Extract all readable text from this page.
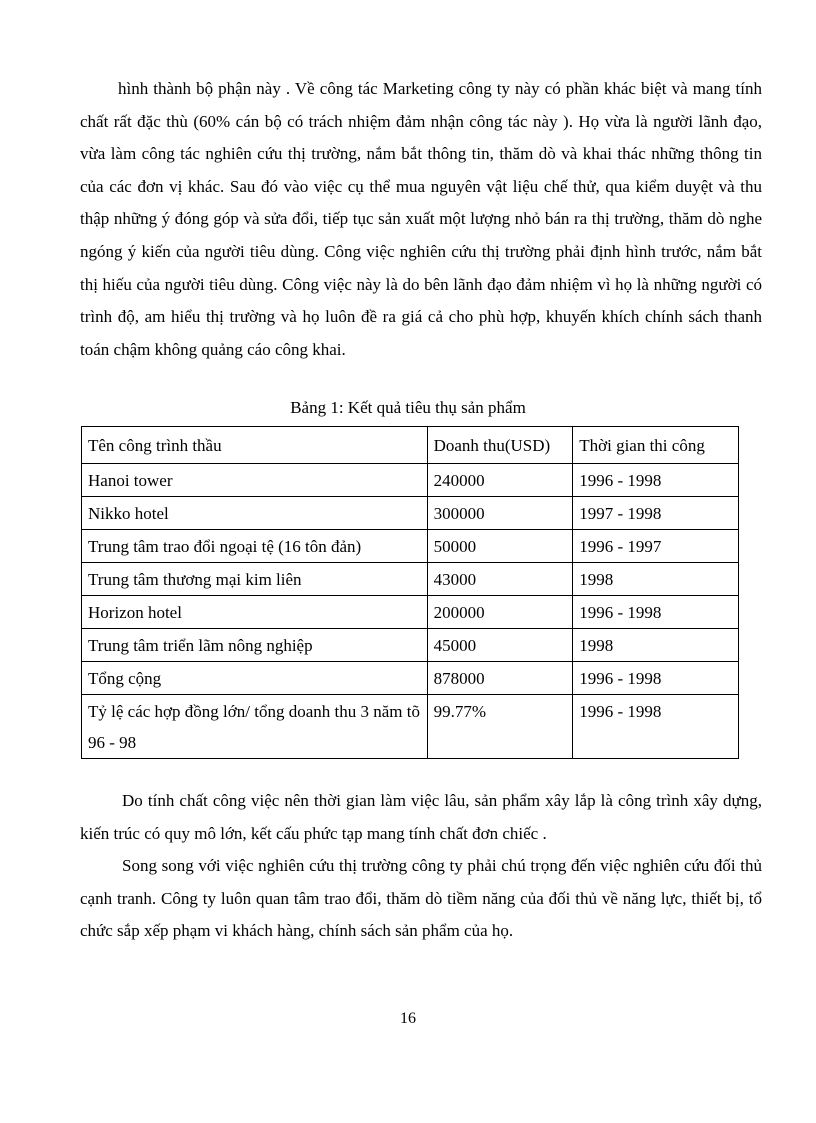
hình thành bộ phận này . Về công tác Marketing công ty này có phần khác biệt và mang tính chất rất đặc thù (60% cán bộ có trách nhiệm đảm nhận công tác này ). Họ vừa là người lãnh đạo, vừa làm công tác nghiên cứu thị trường, nắm bắt thông tin, thăm dò và khai thác những thông tin của các đơn vị khác. Sau đó vào việc cụ thể mua nguyên vật liệu chế thử, qua kiểm duyệt và thu thập những ý đóng góp và sửa đổi, tiếp tục sản xuất một lượng nhỏ bán ra thị trường, thăm dò nghe ngóng ý kiến của người tiêu dùng. Công việc nghiên cứu thị trường phải định hình trước, nắm bắt thị hiếu của người tiêu dùng. Công việc này là do bên lãnh đạo đảm nhiệm vì họ là những người có trình độ, am hiểu thị trường và họ luôn đề ra giá cả cho phù hợp, khuyến khích chính sách thanh toán chậm không quảng cáo công khai.

Bảng 1: Kết quả tiêu thụ sản phẩm

Tên công trình thầu	Doanh thu(USD)	Thời gian thi công
Hanoi tower	240000	1996 - 1998
Nikko hotel	300000	1997 - 1998
Trung tâm trao đổi ngoại tệ (16 tôn đản)	50000	1996 - 1997
Trung tâm thương mại kim liên	43000	1998
Horizon hotel	200000	1996 - 1998
Trung tâm triển lãm nông nghiệp	45000	1998
Tổng cộng	878000	1996 - 1998
Tỷ lệ các hợp đồng lớn/ tổng doanh thu 3 năm tõ 96 - 98	99.77%	1996 - 1998

Do tính chất công việc nên thời gian làm việc lâu, sản phẩm xây lắp là công trình xây dựng, kiến trúc có quy mô lớn, kết cấu phức tạp mang tính chất đơn chiếc .

Song song với việc nghiên cứu thị trường công ty phải chú trọng đến việc nghiên cứu đối thủ cạnh tranh. Công ty luôn quan tâm trao đổi, thăm dò tiềm năng của đối thủ về năng lực, thiết bị, tổ chức sắp xếp phạm vi khách hàng, chính sách sản phẩm của họ.

16
